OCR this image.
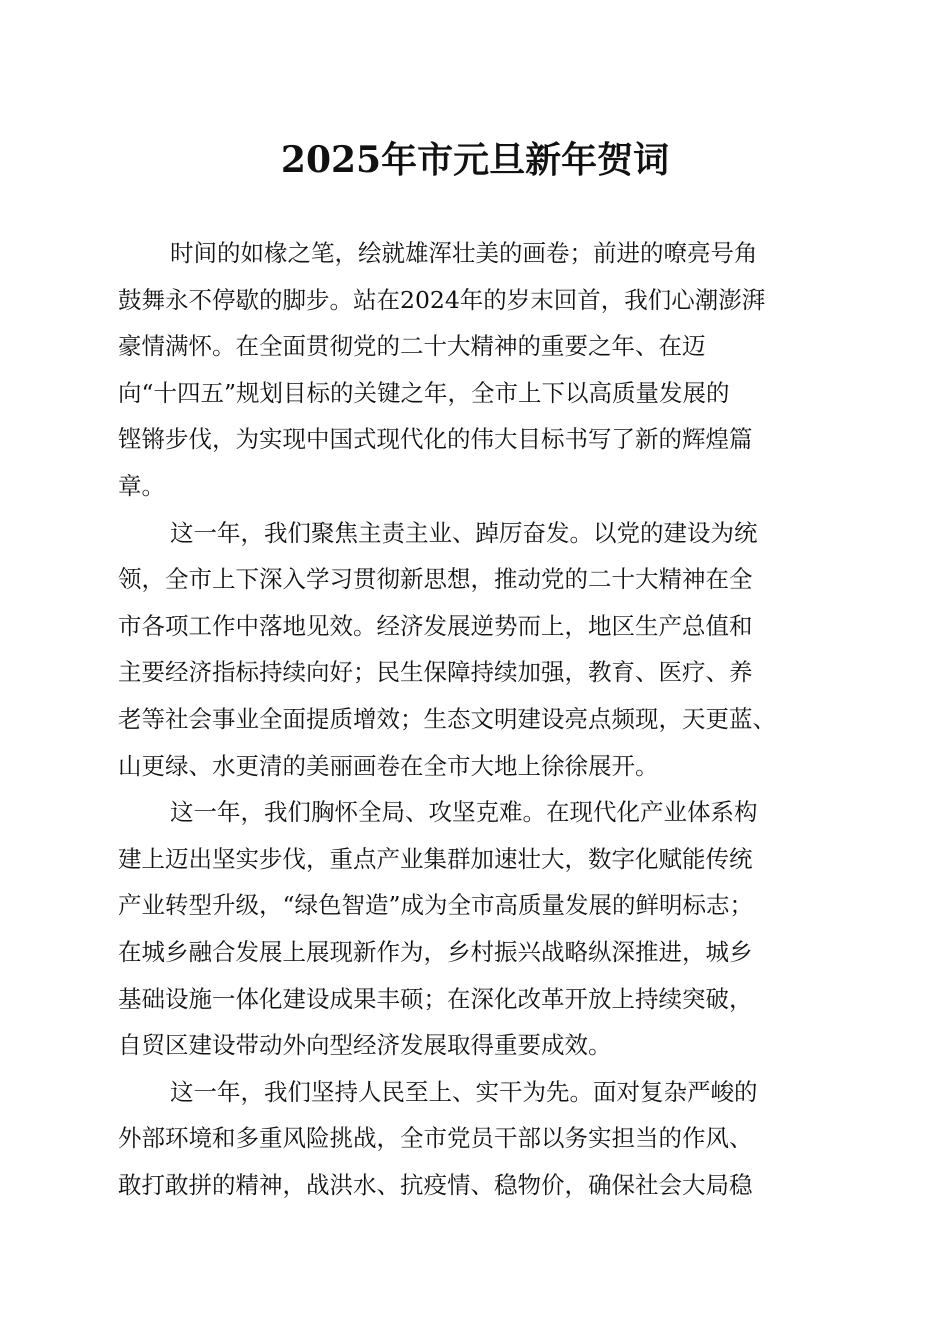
2025年市元旦新年贺词
时间的如椽之笔，绘就雄浑壮美的画卷；前进的嘹亮号角
鼓舞永不停歇的脚步。站在2024年的岁末回首，我们心潮澎湃
豪情满怀。在全面贯彻党的二十大精神的重要之年、在迈
向“十四五”规划目标的关键之年，全市上下以高质量发展的
铿锵步伐，为实现中国式现代化的伟大目标书写了新的辉煌篇
章。
这一年，我们聚焦主责主业、踔厉奋发。以党的建设为统
领，全市上下深入学习贯彻新思想，推动党的二十大精神在全
市各项工作中落地见效。经济发展逆势而上，地区生产总值和
主要经济指标持续向好；民生保障持续加强，教育、医疗、养
老等社会事业全面提质增效；生态文明建设亮点频现，天更蓝、
山更绿、水更清的美丽画卷在全市大地上徐徐展开。
这一年，我们胸怀全局、攻坚克难。在现代化产业体系构
建上迈出坚实步伐，重点产业集群加速壮大，数字化赋能传统
产业转型升级，“绿色智造”成为全市高质量发展的鲜明标志；
在城乡融合发展上展现新作为，乡村振兴战略纵深推进，城乡
基础设施一体化建设成果丰硕；在深化改革开放上持续突破，
自贸区建设带动外向型经济发展取得重要成效。
这一年，我们坚持人民至上、实干为先。面对复杂严峻的
外部环境和多重风险挑战，全市党员干部以务实担当的作风、
敢打敢拼的精神，战洪水、抗疫情、稳物价，确保社会大局稳
